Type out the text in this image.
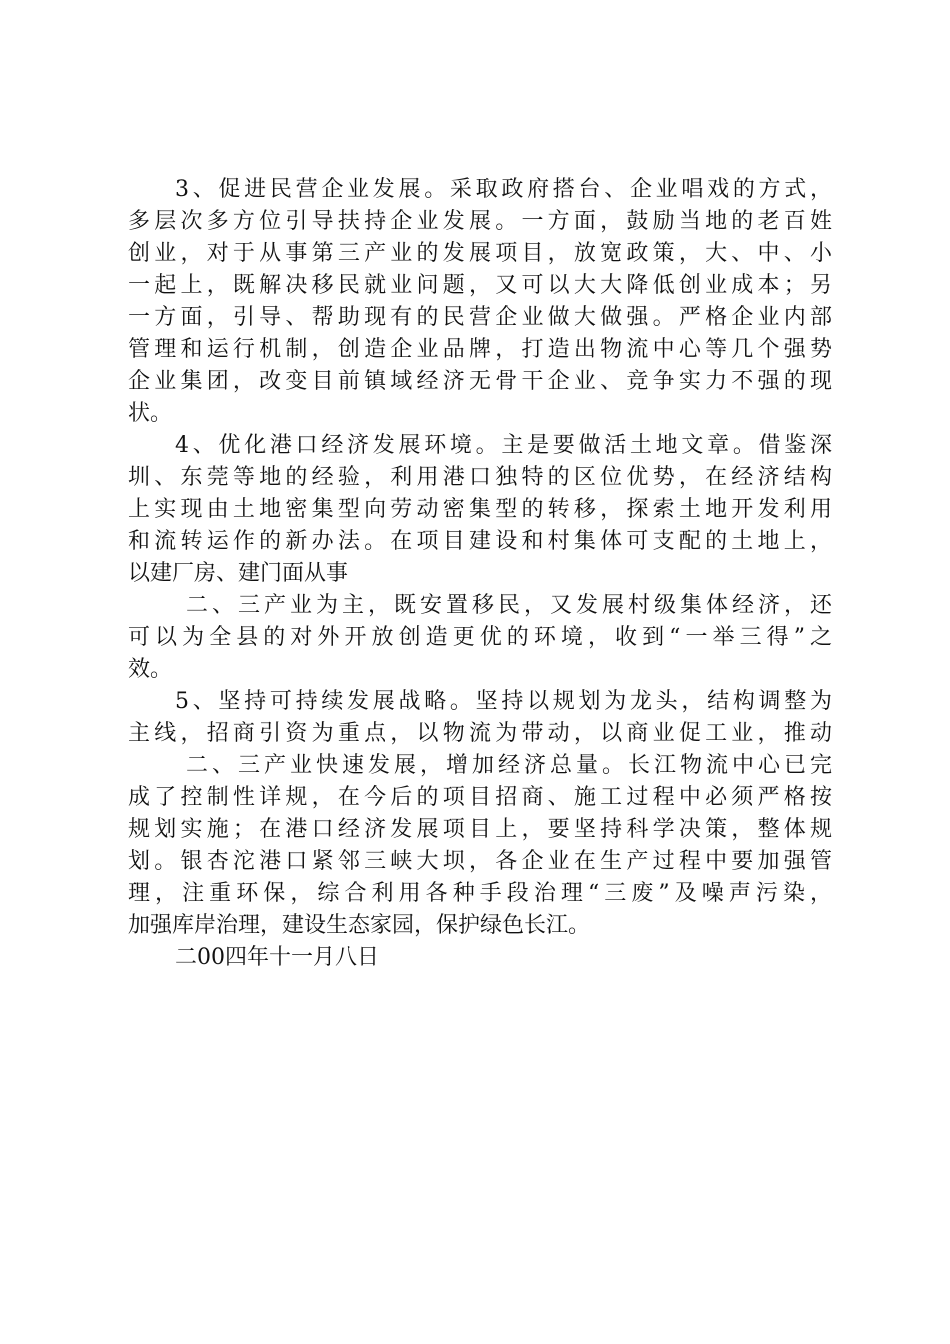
3、促进民营企业发展。采取政府搭台、企业唱戏的方式，
多层次多方位引导扶持企业发展。一方面，鼓励当地的老百姓
创业，对于从事第三产业的发展项目，放宽政策，大、中、小
一起上，既解决移民就业问题，又可以大大降低创业成本；另
一方面，引导、帮助现有的民营企业做大做强。严格企业内部
管理和运行机制，创造企业品牌，打造出物流中心等几个强势
企业集团，改变目前镇域经济无骨干企业、竞争实力不强的现
状。
4、优化港口经济发展环境。主是要做活土地文章。借鉴深
圳、东莞等地的经验，利用港口独特的区位优势，在经济结构
上实现由土地密集型向劳动密集型的转移，探索土地开发利用
和流转运作的新办法。在项目建设和村集体可支配的土地上，
以建厂房、建门面从事
二、三产业为主，既安置移民，又发展村级集体经济，还
可以为全县的对外开放创造更优的环境，收到“一举三得”之
效。
5、坚持可持续发展战略。坚持以规划为龙头，结构调整为
主线，招商引资为重点，以物流为带动，以商业促工业，推动
二、三产业快速发展，增加经济总量。长江物流中心已完
成了控制性详规，在今后的项目招商、施工过程中必须严格按
规划实施；在港口经济发展项目上，要坚持科学决策，整体规
划。银杏沱港口紧邻三峡大坝，各企业在生产过程中要加强管
理，注重环保，综合利用各种手段治理“三废”及噪声污染，
加强库岸治理，建设生态家园，保护绿色长江。
二00四年十一月八日
